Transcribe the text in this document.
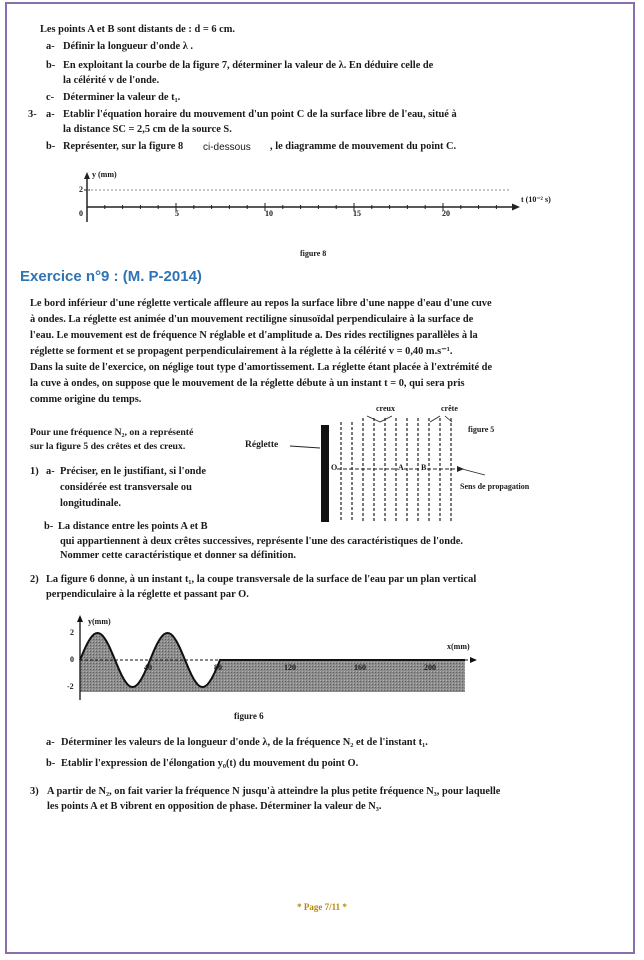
Les points A et B sont distants de : d = 6 cm.
a- Définir la longueur d'onde λ .
b- En exploitant la courbe de la figure 7, déterminer la valeur de λ. En déduire celle de
la célérité v de l'onde.
c- Déterminer la valeur de t₁.
3- a- Etablir l'équation horaire du mouvement d'un point C de la surface libre de l'eau, situé à
la distance SC = 2,5 cm de la source S.
b- Représenter, sur la figure 8 ci-dessous , le diagramme de mouvement du point C.
y (mm)
2
0
t (10⁻² s)
5	10	15	20
figure 8
Exercice n°9 : (M. P-2014)
Le bord inférieur d'une réglette verticale affleure au repos la surface libre d'une nappe d'eau d'une cuve
à ondes. La réglette est animée d'un mouvement rectiligne sinusoïdal perpendiculaire à la surface de
l'eau. Le mouvement est de fréquence N réglable et d'amplitude a. Des rides rectilignes parallèles à la
réglette se forment et se propagent perpendiculairement à la réglette à la célérité v = 0,40 m.s⁻¹.
Dans la suite de l'exercice, on néglige tout type d'amortissement. La réglette étant placée à l'extrémité de
la cuve à ondes, on suppose que le mouvement de la réglette débute à un instant t = 0, qui sera pris
comme origine du temps.
Pour une fréquence N₂, on a représenté
sur la figure 5 des crêtes et des creux.
1) a- Préciser, en le justifiant, si l'onde
considérée est transversale ou
longitudinale.
b- La distance entre les points A et B
qui appartiennent à deux crêtes successives, représente l'une des caractéristiques de l'onde.
Nommer cette caractéristique et donner sa définition.
Réglette
creux	crête
figure 5
O	A B
Sens de propagation
2) La figure 6 donne, à un instant t₁, la coupe transversale de la surface de l'eau par un plan vertical
perpendiculaire à la réglette et passant par O.
y(mm)
x(mm)
2
0
-2
40	80	120	160	200
figure 6
a- Déterminer les valeurs de la longueur d'onde λ, de la fréquence N₂ et de l'instant t₁.
b- Etablir l'expression de l'élongation y₀(t) du mouvement du point O.
3) A partir de N₂, on fait varier la fréquence N jusqu'à atteindre la plus petite fréquence N₃, pour laquelle
les points A et B vibrent en opposition de phase. Déterminer la valeur de N₃.
* Page 7/11 *
